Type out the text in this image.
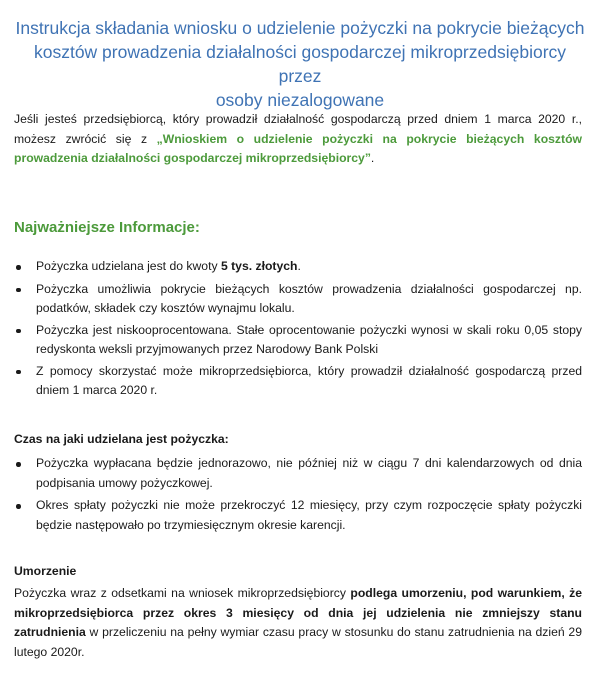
Instrukcja składania wniosku o udzielenie pożyczki na pokrycie bieżących
kosztów prowadzenia działalności gospodarczej mikroprzedsiębiorcy przez
osoby niezalogowane

Jeśli jesteś przedsiębiorcą, który prowadził działalność gospodarczą przed dniem 1 marca 2020 r., możesz zwrócić się z „Wnioskiem o udzielenie pożyczki na pokrycie bieżących kosztów prowadzenia działalności gospodarczej mikroprzedsiębiorcy”.

Najważniejsze Informacje:
Pożyczka udzielana jest do kwoty 5 tys. złotych.
Pożyczka umożliwia pokrycie bieżących kosztów prowadzenia działalności gospodarczej np. podatków, składek czy kosztów wynajmu lokalu.
Pożyczka jest niskooprocentowana. Stałe oprocentowanie pożyczki wynosi w skali roku 0,05 stopy redyskonta weksli przyjmowanych przez Narodowy Bank Polski
Z pomocy skorzystać może mikroprzedsiębiorca, który prowadził działalność gospodarczą przed dniem 1 marca 2020 r.
Czas na jaki udzielana jest pożyczka:
Pożyczka wypłacana będzie jednorazowo, nie później niż w ciągu 7 dni kalendarzowych od dnia podpisania umowy pożyczkowej.
Okres spłaty pożyczki nie może przekroczyć 12 miesięcy, przy czym rozpoczęcie spłaty pożyczki będzie następowało po trzymiesięcznym okresie karencji.
Umorzenie

Pożyczka wraz z odsetkami na wniosek mikroprzedsiębiorcy podlega umorzeniu, pod warunkiem, że mikroprzedsiębiorca przez okres 3 miesięcy od dnia jej udzielenia nie zmniejszy stanu zatrudnienia w przeliczeniu na pełny wymiar czasu pracy w stosunku do stanu zatrudnienia na dzień 29 lutego 2020r.
